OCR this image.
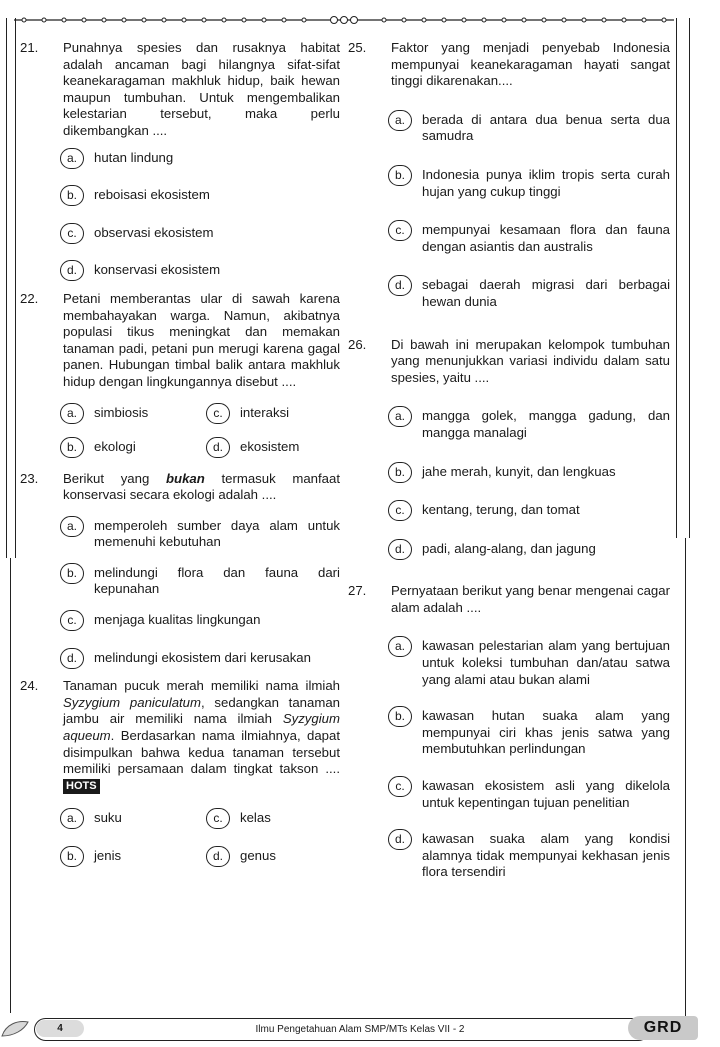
21.	Punahnya spesies dan rusaknya habitat adalah ancaman bagi hilangnya sifat-sifat keanekaragaman makhluk hidup, baik hewan maupun tumbuhan. Untuk mengembalikan kelestarian tersebut, maka perlu dikembangkan ....
a.	hutan lindung
b.	reboisasi ekosistem
c.	observasi ekosistem
d.	konservasi ekosistem
22.	Petani memberantas ular di sawah karena membahayakan warga. Namun, akibatnya populasi tikus meningkat dan memakan tanaman padi, petani pun merugi karena gagal panen. Hubungan timbal balik antara makhluk hidup dengan lingkungannya disebut ....
a.	simbiosis	c.	interaksi
b.	ekologi	d.	ekosistem
23.	Berikut yang bukan termasuk manfaat konservasi secara ekologi adalah ....
a.	memperoleh sumber daya alam untuk memenuhi kebutuhan
b.	melindungi flora dan fauna dari kepunahan
c.	menjaga kualitas lingkungan
d.	melindungi ekosistem dari kerusakan
24.	Tanaman pucuk merah memiliki nama ilmiah Syzygium paniculatum, sedangkan tanaman jambu air memiliki nama ilmiah Syzygium aqueum. Berdasarkan nama ilmiahnya, dapat disimpulkan bahwa kedua tanaman tersebut memiliki persamaan dalam tingkat takson .... HOTS
a.	suku	c.	kelas
b.	jenis	d.	genus
25.	Faktor yang menjadi penyebab Indonesia mempunyai keanekaragaman hayati sangat tinggi dikarenakan....
a.	berada di antara dua benua serta dua samudra
b.	Indonesia punya iklim tropis serta curah hujan yang cukup tinggi
c.	mempunyai kesamaan flora dan fauna dengan asiantis dan australis
d.	sebagai daerah migrasi dari berbagai hewan dunia
26.	Di bawah ini merupakan kelompok tumbuhan yang menunjukkan variasi individu dalam satu spesies, yaitu ....
a.	mangga golek, mangga gadung, dan mangga manalagi
b.	jahe merah, kunyit, dan lengkuas
c.	kentang, terung, dan tomat
d.	padi, alang-alang, dan jagung
27.	Pernyataan berikut yang benar mengenai cagar alam adalah ....
a.	kawasan pelestarian alam yang bertujuan untuk koleksi tumbuhan dan/atau satwa yang alami atau bukan alami
b.	kawasan hutan suaka alam yang mempunyai ciri khas jenis satwa yang membutuhkan perlindungan
c.	kawasan ekosistem asli yang dikelola untuk kepentingan tujuan penelitian
d.	kawasan suaka alam yang kondisi alamnya tidak mempunyai kekhasan jenis flora tersendiri
4	Ilmu Pengetahuan Alam SMP/MTs Kelas VII - 2	GRD
